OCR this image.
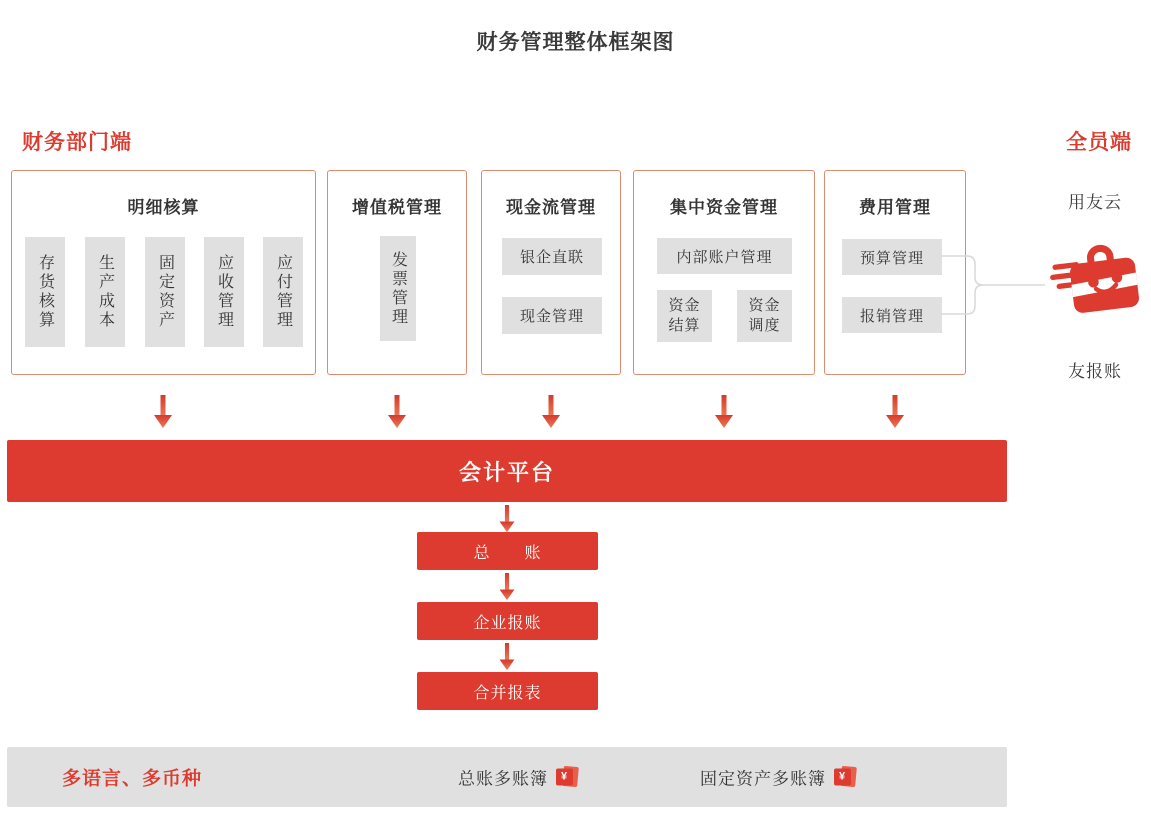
财务管理整体框架图
财务部门端	全员端
明细核算
存货核算	生产成本	固定资产	应收管理	应付管理
增值税管理
发票管理
现金流管理
银企直联
现金管理
集中资金管理
内部账户管理
资金结算
资金调度
费用管理
预算管理
报销管理
会计平台
总　　账
企业报账
合并报表
用友云
友报账
多语言、多币种	总账多账簿	¥	固定资产多账簿	¥
